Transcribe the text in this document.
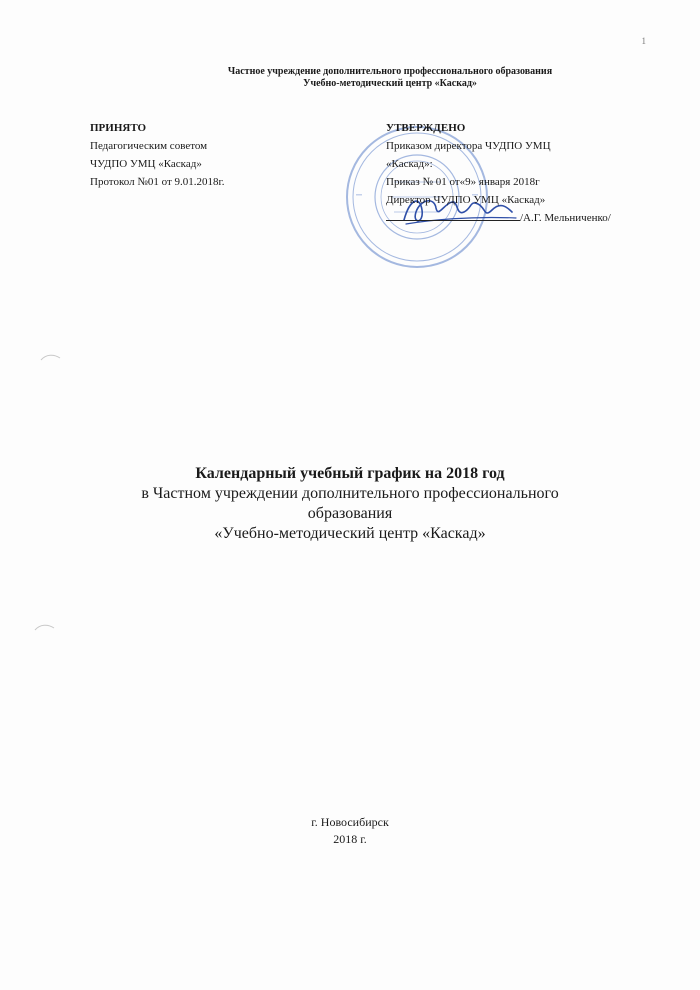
1
Частное учреждение дополнительного профессионального образования
Учебно-методический центр «Каскад»
ПРИНЯТО
Педагогическим советом
ЧУДПО УМЦ «Каскад»
Протокол №01 от 9.01.2018г.
УТВЕРЖДЕНО
Приказом директора ЧУДПО УМЦ
«Каскад»:
Приказ № 01 от«9» января 2018г
Директор ЧУДПО УМЦ «Каскад»
/А.Г. Мельниченко/
Календарный учебный график на 2018 год
в Частном учреждении дополнительного профессионального
образования
«Учебно-методический центр «Каскад»
г. Новосибирск
2018 г.
